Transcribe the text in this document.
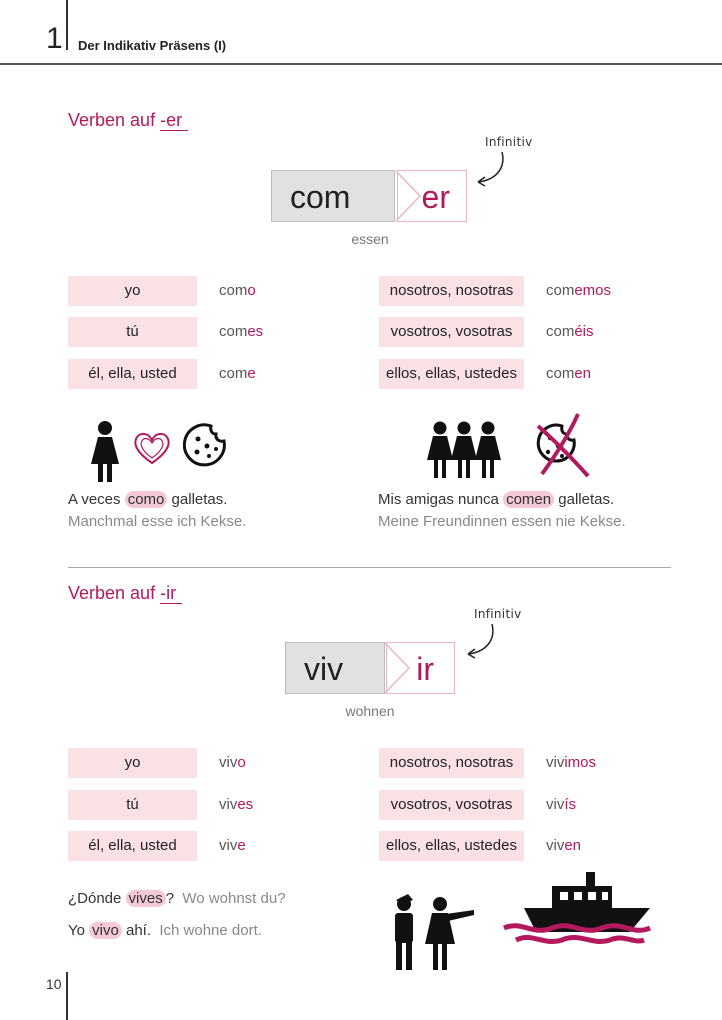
1 Der Indikativ Präsens (I)
Verben auf -er
Infinitiv
com	er
essen
yo	como
tú	comes
él, ella, usted	come
nosotros, nosotras	comemos
vosotros, vosotras	coméis
ellos, ellas, ustedes	comen
A veces como galletas.
Manchmal esse ich Kekse.
Mis amigas nunca comen galletas.
Meine Freundinnen essen nie Kekse.
Verben auf -ir
Infinitiv
viv	ir
wohnen
yo	vivo
tú	vives
él, ella, usted	vive
nosotros, nosotras	vivimos
vosotros, vosotras	vivís
ellos, ellas, ustedes	viven
¿Dónde vives ? Wo wohnst du?
Yo vivo ahí. Ich wohne dort.
10
